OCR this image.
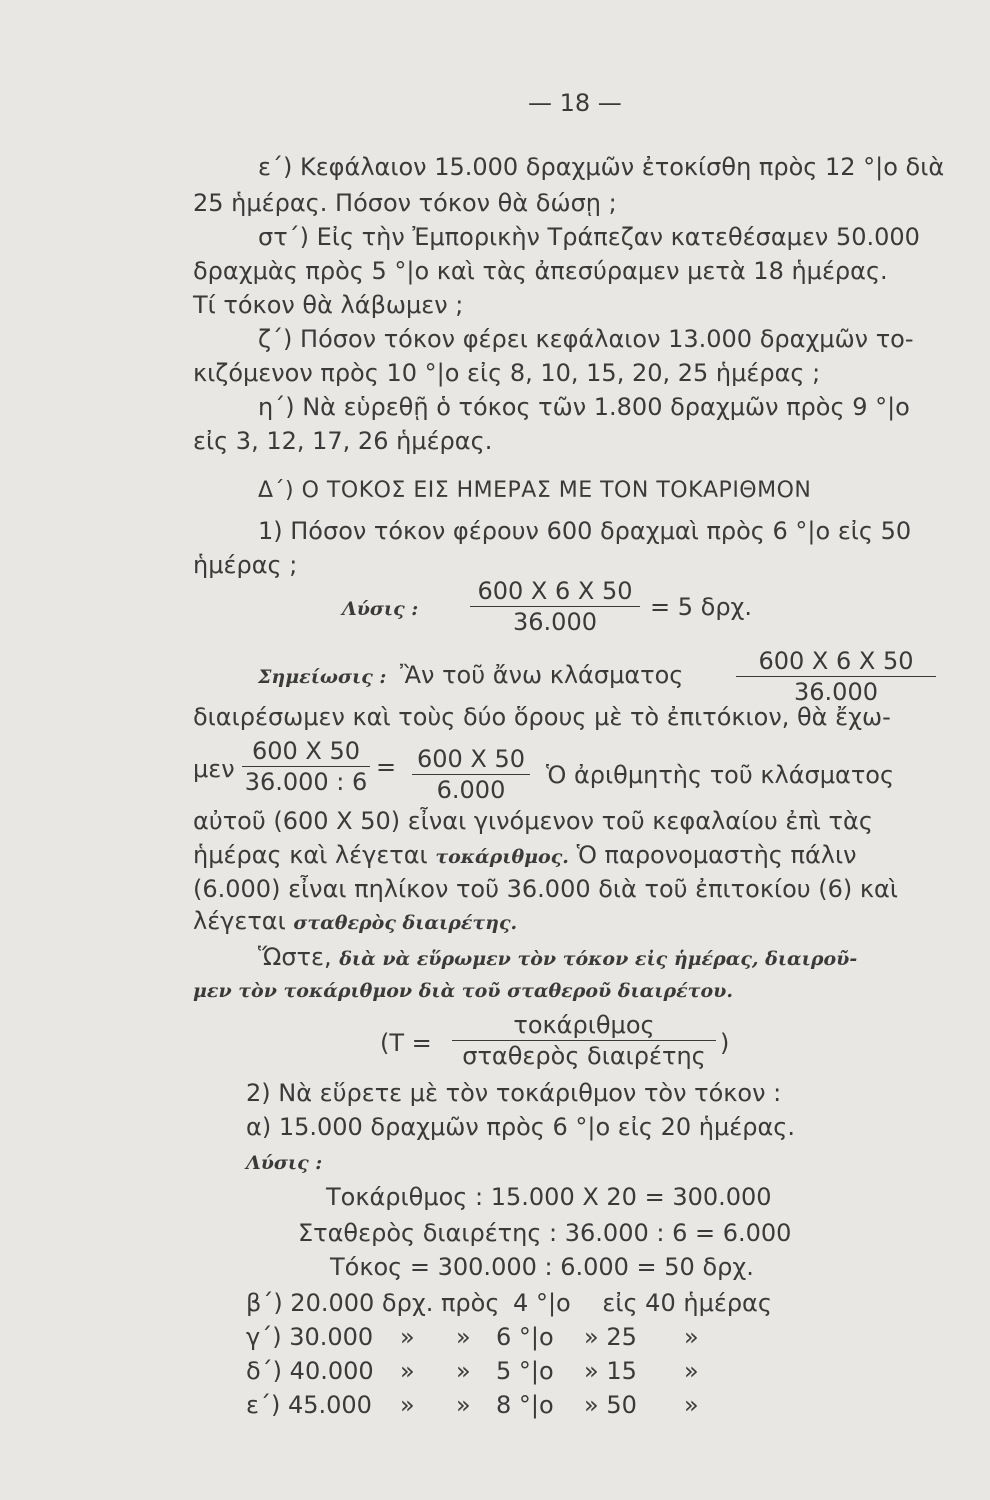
— 18 —
ε΄) Κεφάλαιον 15.000 δραχμῶν ἐτοκίσθη πρὸς 12 °|ο διὰ
25 ἡμέρας. Πόσον τόκον θὰ δώσῃ ;
στ΄) Εἰς τὴν Ἐμπορικὴν Τράπεζαν κατεθέσαμεν 50.000
δραχμὰς πρὸς 5 °|ο καὶ τὰς ἀπεσύραμεν μετὰ 18 ἡμέρας.
Τί τόκον θὰ λάβωμεν ;
ζ΄) Πόσον τόκον φέρει κεφάλαιον 13.000 δραχμῶν το-
κιζόμενον πρὸς 10 °|ο εἰς 8, 10, 15, 20, 25 ἡμέρας ;
η΄) Νὰ εὑρεθῇ ὁ τόκος τῶν 1.800 δραχμῶν πρὸς 9 °|ο
εἰς 3, 12, 17, 26 ἡμέρας.
Δ΄) Ο ΤΟΚΟΣ ΕΙΣ ΗΜΕΡΑΣ ΜΕ ΤΟΝ ΤΟΚΑΡΙΘΜΟΝ
1) Πόσον τόκον φέρουν 600 δραχμαὶ πρὸς 6 °|ο εἰς 50
ἡμέρας ;
Λύσις : $\frac{600 X 6 X 50}{36.000} = 5$ δρχ.
Σημείωσις : Ἂν τοῦ ἄνω κλάσματος $\frac{600 X 6 X 50}{36.000}$
διαιρέσωμεν καὶ τοὺς δύο ὅρους μὲ τὸ ἐπιτόκιον, θὰ ἔχω-
μεν $\frac{600 X 50}{36.000 : 6} = \frac{600 X 50}{6.000}$ Ὁ ἀριθμητὴς τοῦ κλάσματος
αὐτοῦ (600 X 50) εἶναι γινόμενον τοῦ κεφαλαίου ἐπὶ τὰς
ἡμέρας καὶ λέγεται τοκάριθμος. Ὁ παρονομαστὴς πάλιν
(6.000) εἶναι πηλίκον τοῦ 36.000 διὰ τοῦ ἐπιτοκίου (6) καὶ
λέγεται σταθερὸς διαιρέτης.
Ὥστε, διὰ νὰ εὕρωμεν τὸν τόκον εἰς ἡμέρας, διαιροῦ-
μεν τὸν τοκάριθμον διὰ τοῦ σταθεροῦ διαιρέτου.
(Τ =
τοκάριθμος
σταθερὸς διαιρέτης )
2) Νὰ εὕρετε μὲ τὸν τοκάριθμον τὸν τόκον :
α) 15.000 δραχμῶν πρὸς 6 °|ο εἰς 20 ἡμέρας.
Λύσις :
Τοκάριθμος : 15.000 X 20 = 300.000
Σταθερὸς διαιρέτης : 36.000 : 6 = 6.000
Τόκος = 300.000 : 6.000 = 50 δρχ.
β΄) 20.000 δρχ. πρὸς 4 °|ο εἰς 40 ἡμέρας
γ΄) 30.000 » » 6 °|ο » 25 »
δ΄) 40.000 » » 5 °|ο » 15 »
ε΄) 45.000 » » 8 °|ο » 50 »
